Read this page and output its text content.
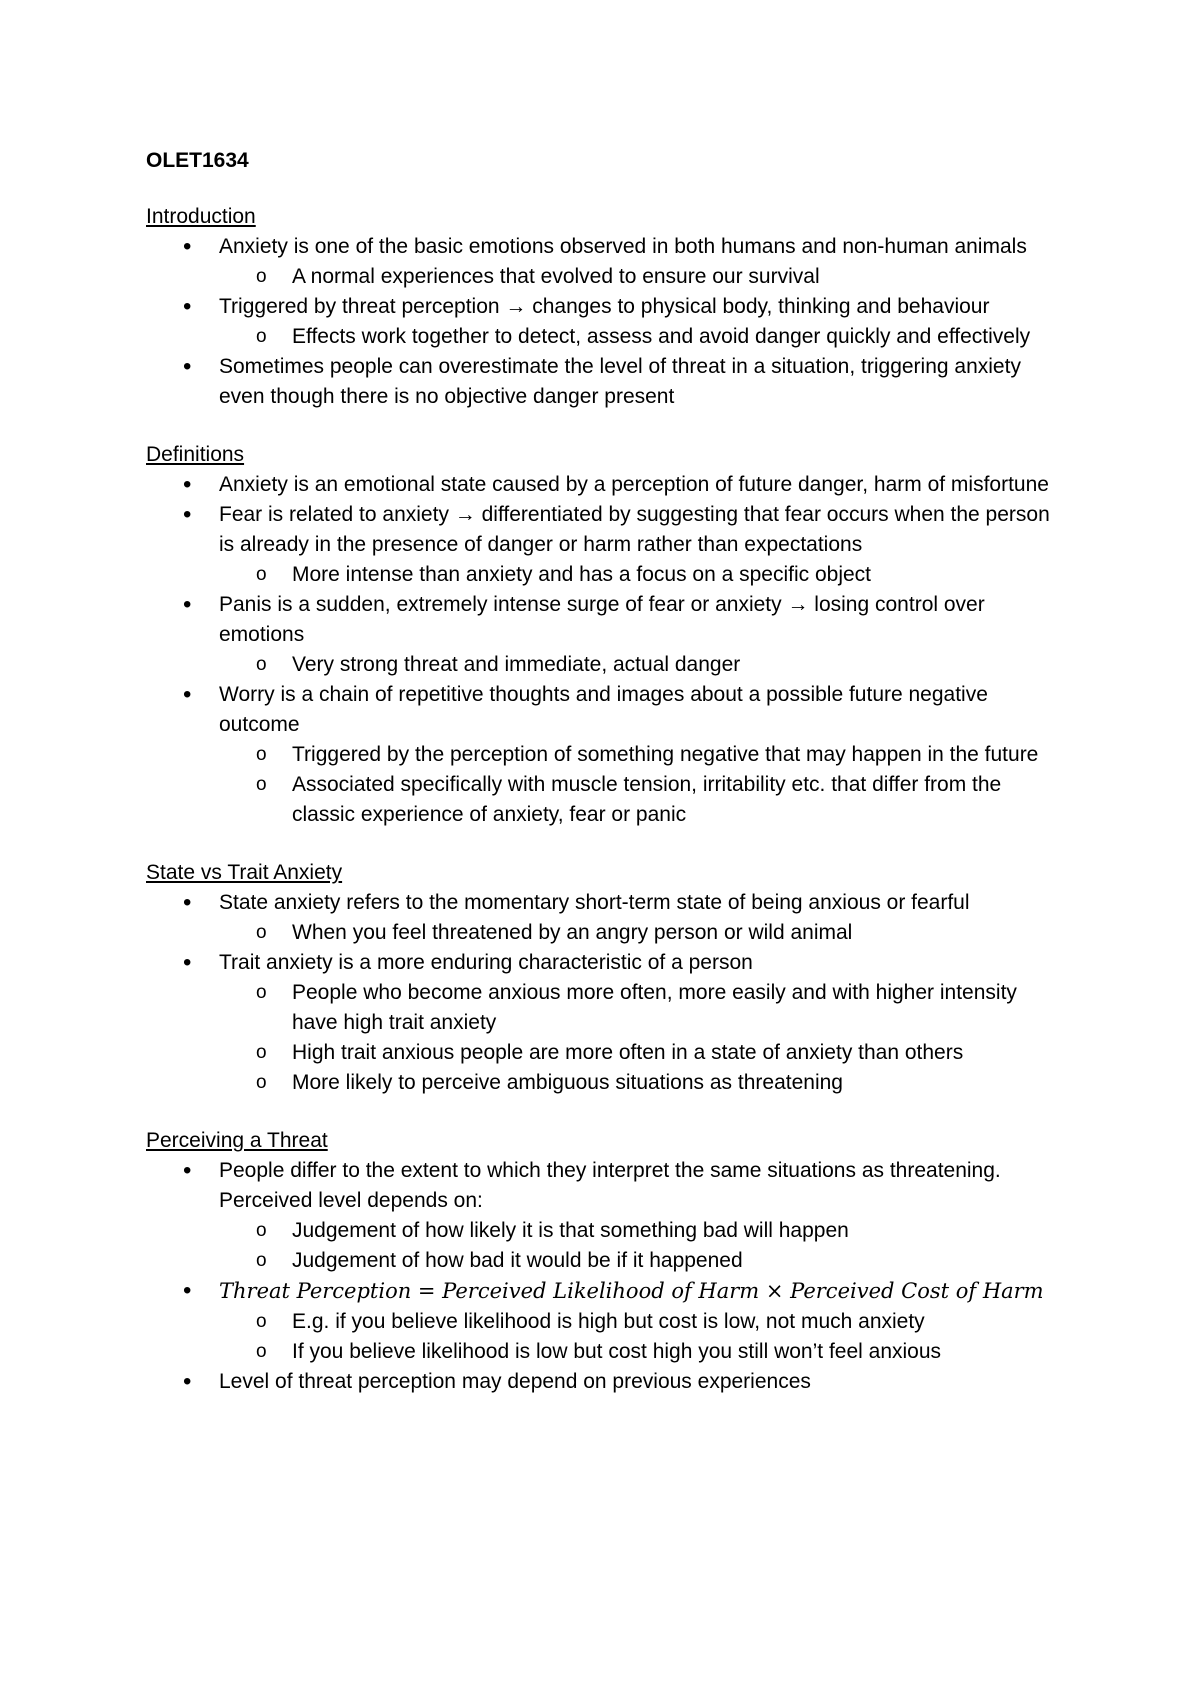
OLET1634
Introduction
• Anxiety is one of the basic emotions observed in both humans and non-human animals
o A normal experiences that evolved to ensure our survival
• Triggered by threat perception → changes to physical body, thinking and behaviour
o Effects work together to detect, assess and avoid danger quickly and effectively
• Sometimes people can overestimate the level of threat in a situation, triggering anxiety even though there is no objective danger present
Definitions
• Anxiety is an emotional state caused by a perception of future danger, harm of misfortune
• Fear is related to anxiety → differentiated by suggesting that fear occurs when the person is already in the presence of danger or harm rather than expectations
o More intense than anxiety and has a focus on a specific object
• Panis is a sudden, extremely intense surge of fear or anxiety → losing control over emotions
o Very strong threat and immediate, actual danger
• Worry is a chain of repetitive thoughts and images about a possible future negative outcome
o Triggered by the perception of something negative that may happen in the future
o Associated specifically with muscle tension, irritability etc. that differ from the classic experience of anxiety, fear or panic
State vs Trait Anxiety
• State anxiety refers to the momentary short-term state of being anxious or fearful
o When you feel threatened by an angry person or wild animal
• Trait anxiety is a more enduring characteristic of a person
o People who become anxious more often, more easily and with higher intensity have high trait anxiety
o High trait anxious people are more often in a state of anxiety than others
o More likely to perceive ambiguous situations as threatening
Perceiving a Threat
• People differ to the extent to which they interpret the same situations as threatening. Perceived level depends on:
o Judgement of how likely it is that something bad will happen
o Judgement of how bad it would be if it happened
• Threat Perception = Perceived Likelihood of Harm × Perceived Cost of Harm
o E.g. if you believe likelihood is high but cost is low, not much anxiety
o If you believe likelihood is low but cost high you still won’t feel anxious
• Level of threat perception may depend on previous experiences
